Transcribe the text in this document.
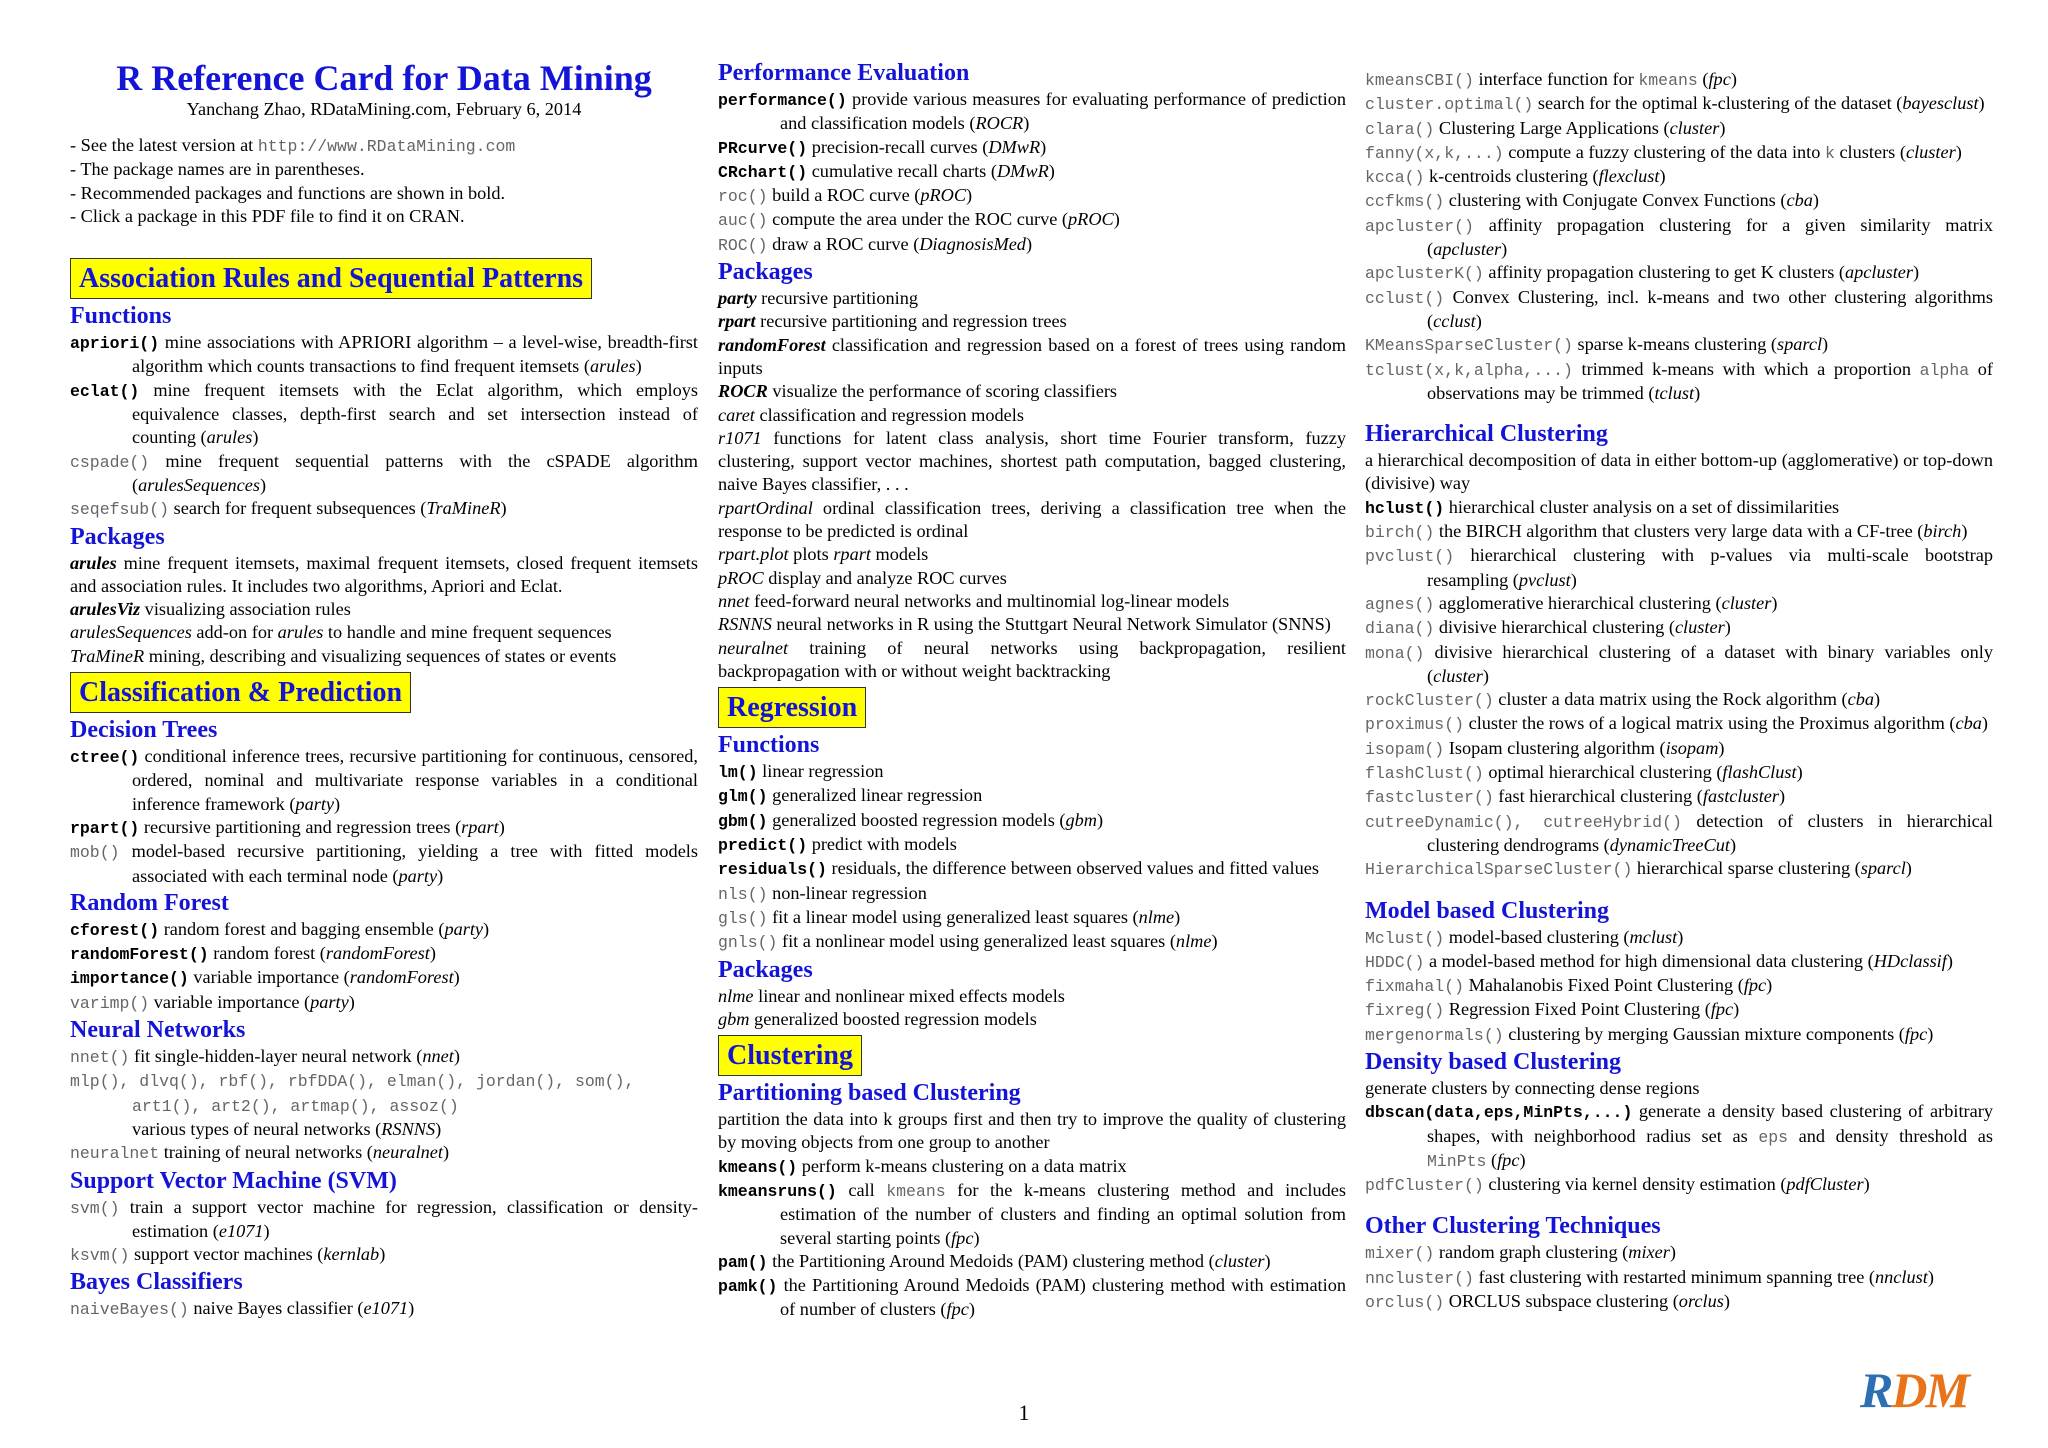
R Reference Card for Data Mining
Yanchang Zhao, RDataMining.com, February 6, 2014
- See the latest version at http://www.RDataMining.com
- The package names are in parentheses.
- Recommended packages and functions are shown in bold.
- Click a package in this PDF file to find it on CRAN.
Association Rules and Sequential Patterns
Functions
apriori() mine associations with APRIORI algorithm – a level-wise, breadth-first algorithm which counts transactions to find frequent itemsets (arules)
eclat() mine frequent itemsets with the Eclat algorithm, which employs equivalence classes, depth-first search and set intersection instead of counting (arules)
cspade() mine frequent sequential patterns with the cSPADE algorithm (arulesSequences)
seqefsub() search for frequent subsequences (TraMineR)
Packages
arules mine frequent itemsets, maximal frequent itemsets, closed frequent itemsets and association rules. It includes two algorithms, Apriori and Eclat.
arulesViz visualizing association rules
arulesSequences add-on for arules to handle and mine frequent sequences
TraMineR mining, describing and visualizing sequences of states or events
Classification & Prediction
Decision Trees
ctree() conditional inference trees, recursive partitioning for continuous, censored, ordered, nominal and multivariate response variables in a conditional inference framework (party)
rpart() recursive partitioning and regression trees (rpart)
mob() model-based recursive partitioning, yielding a tree with fitted models associated with each terminal node (party)
Random Forest
cforest() random forest and bagging ensemble (party)
randomForest() random forest (randomForest)
importance() variable importance (randomForest)
varimp() variable importance (party)
Neural Networks
nnet() fit single-hidden-layer neural network (nnet)
mlp(), dlvq(), rbf(), rbfDDA(), elman(), jordan(), som(), art1(), art2(), artmap(), assoz()
various types of neural networks (RSNNS)
neuralnet training of neural networks (neuralnet)
Support Vector Machine (SVM)
svm() train a support vector machine for regression, classification or density-estimation (e1071)
ksvm() support vector machines (kernlab)
Bayes Classifiers
naiveBayes() naive Bayes classifier (e1071)
Performance Evaluation
performance() provide various measures for evaluating performance of prediction and classification models (ROCR)
PRcurve() precision-recall curves (DMwR)
CRchart() cumulative recall charts (DMwR)
roc() build a ROC curve (pROC)
auc() compute the area under the ROC curve (pROC)
ROC() draw a ROC curve (DiagnosisMed)
Packages
party recursive partitioning
rpart recursive partitioning and regression trees
randomForest classification and regression based on a forest of trees using random inputs
ROCR visualize the performance of scoring classifiers
caret classification and regression models
r1071 functions for latent class analysis, short time Fourier transform, fuzzy clustering, support vector machines, shortest path computation, bagged clustering, naive Bayes classifier, . . .
rpartOrdinal ordinal classification trees, deriving a classification tree when the response to be predicted is ordinal
rpart.plot plots rpart models
pROC display and analyze ROC curves
nnet feed-forward neural networks and multinomial log-linear models
RSNNS neural networks in R using the Stuttgart Neural Network Simulator (SNNS)
neuralnet training of neural networks using backpropagation, resilient backpropagation with or without weight backtracking
Regression
Functions
lm() linear regression
glm() generalized linear regression
gbm() generalized boosted regression models (gbm)
predict() predict with models
residuals() residuals, the difference between observed values and fitted values
nls() non-linear regression
gls() fit a linear model using generalized least squares (nlme)
gnls() fit a nonlinear model using generalized least squares (nlme)
Packages
nlme linear and nonlinear mixed effects models
gbm generalized boosted regression models
Clustering
Partitioning based Clustering
partition the data into k groups first and then try to improve the quality of clustering by moving objects from one group to another
kmeans() perform k-means clustering on a data matrix
kmeansruns() call kmeans for the k-means clustering method and includes estimation of the number of clusters and finding an optimal solution from several starting points (fpc)
pam() the Partitioning Around Medoids (PAM) clustering method (cluster)
pamk() the Partitioning Around Medoids (PAM) clustering method with estimation of number of clusters (fpc)
kmeansCBI() interface function for kmeans (fpc)
cluster.optimal() search for the optimal k-clustering of the dataset (bayesclust)
clara() Clustering Large Applications (cluster)
fanny(x,k,...) compute a fuzzy clustering of the data into k clusters (cluster)
kcca() k-centroids clustering (flexclust)
ccfkms() clustering with Conjugate Convex Functions (cba)
apcluster() affinity propagation clustering for a given similarity matrix (apcluster)
apclusterK() affinity propagation clustering to get K clusters (apcluster)
cclust() Convex Clustering, incl. k-means and two other clustering algorithms (cclust)
KMeansSparseCluster() sparse k-means clustering (sparcl)
tclust(x,k,alpha,...) trimmed k-means with which a proportion alpha of observations may be trimmed (tclust)
Hierarchical Clustering
a hierarchical decomposition of data in either bottom-up (agglomerative) or top-down (divisive) way
hclust() hierarchical cluster analysis on a set of dissimilarities
birch() the BIRCH algorithm that clusters very large data with a CF-tree (birch)
pvclust() hierarchical clustering with p-values via multi-scale bootstrap resampling (pvclust)
agnes() agglomerative hierarchical clustering (cluster)
diana() divisive hierarchical clustering (cluster)
mona() divisive hierarchical clustering of a dataset with binary variables only (cluster)
rockCluster() cluster a data matrix using the Rock algorithm (cba)
proximus() cluster the rows of a logical matrix using the Proximus algorithm (cba)
isopam() Isopam clustering algorithm (isopam)
flashClust() optimal hierarchical clustering (flashClust)
fastcluster() fast hierarchical clustering (fastcluster)
cutreeDynamic(), cutreeHybrid() detection of clusters in hierarchical clustering dendrograms (dynamicTreeCut)
HierarchicalSparseCluster() hierarchical sparse clustering (sparcl)
Model based Clustering
Mclust() model-based clustering (mclust)
HDDC() a model-based method for high dimensional data clustering (HDclassif)
fixmahal() Mahalanobis Fixed Point Clustering (fpc)
fixreg() Regression Fixed Point Clustering (fpc)
mergenormals() clustering by merging Gaussian mixture components (fpc)
Density based Clustering
generate clusters by connecting dense regions
dbscan(data,eps,MinPts,...) generate a density based clustering of arbitrary shapes, with neighborhood radius set as eps and density threshold as MinPts (fpc)
pdfCluster() clustering via kernel density estimation (pdfCluster)
Other Clustering Techniques
mixer() random graph clustering (mixer)
nncluster() fast clustering with restarted minimum spanning tree (nnclust)
orclus() ORCLUS subspace clustering (orclus)
RDM
1
